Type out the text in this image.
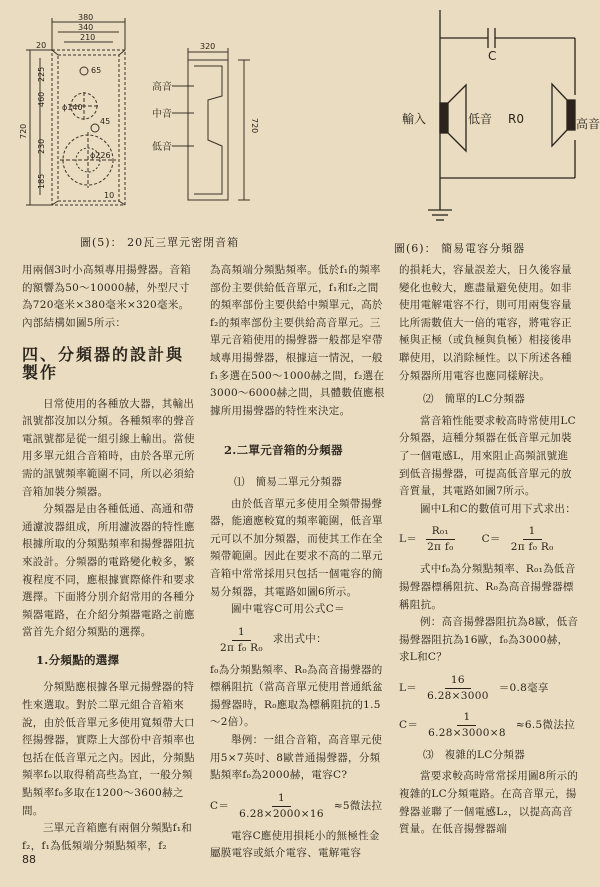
380
340
210
20	320
65
ϕ140
45
ϕ226
10
460
720
230
185
225
720
高音
中音
低音
圖(5)： 20瓦三單元密閉音箱
C
輸入	低音 R0	高音
圖(6)： 簡易電容分頻器

用兩個3吋小高頻專用揚聲器。音箱的額響為50～10000赫，外型尺寸為720毫米×380毫米×320毫米。內部結構如圖5所示：

四、分頻器的設計與製作

日常使用的各種放大器，其輸出訊號都沒加以分頻。各種頻率的聲音電訊號都是從一組引線上輸出。當使用多單元組合音箱時，由於各單元所需的訊號頻率範圍不同，所以必須給音箱加裝分頻器。

分頻器是由各種低通、高通和帶通濾波器組成，所用濾波器的特性應根據所取的分頻點頻率和揚聲器阻抗來設計。分頻器的電路變化較多，繁複程度不同，應根據實際條件和要求選擇。下面將分別介紹常用的各種分頻器電路，在介紹分頻器電路之前應當首先介紹分頻點的選擇。

1.分頻點的選擇

分頻點應根據各單元揚聲器的特性來選取。對於二單元組合音箱來說，由於低音單元多使用寬頻帶大口徑揚聲器，實際上大部份中音頻率也包括在低音單元之內。因此，分頻點頻率f₀以取得稍高些為宜，一般分頻點頻率f₀多取在1200～3600赫之間。

三單元音箱應有兩個分頻點f₁和f₂，f₁為低頻端分頻點頻率，f₂

為高頻端分頻點頻率。低於f₁的頻率部份主要供給低音單元，f₁和f₂之間的頻率部份主要供給中頻單元，高於f₂的頻率部份主要供給高音單元。三單元音箱使用的揚聲器一般都是窄帶域專用揚聲器，根據這一情況，一般f₁多選在500～1000赫之間，f₂選在3000～6000赫之間，具體數值應根據所用揚聲器的特性來決定。

2.二單元音箱的分頻器
⑴　簡易二單元分頻器

由於低音單元多使用全頻帶揚聲器，能適應較寬的頻率範圍，低音單元可以不加分頻器，而使其工作在全頻帶範圍。因此在要求不高的二單元音箱中常常採用只包括一個電容的簡易分頻器，其電路如圖6所示。

圖中電容C可用公式C＝

$\frac{1}{\text{2π f₀ R₀}}$ 求出式中：

f₀為分頻點頻率、R₀為高音揚聲器的標稱阻抗（當高音單元使用普通紙盆揚聲器時，R₀應取為標稱阻抗的1.5～2倍）。

舉例：一組合音箱，高音單元使用5×7英吋、8歐普通揚聲器，分頻點頻率f₀為2000赫，電容C?

$C= \frac{1}{6.28\times 2000\times 16} \approx 5$微法拉

電容C應使用損耗小的無極性金屬膜電容或紙介電容、電解電容

的損耗大，容量誤差大，日久後容量變化也較大，應盡量避免使用。如非使用電解電容不行，則可用兩隻容量比所需數值大一倍的電容，將電容正極與正極（或負極與負極）相接後串聯使用，以消除極性。以下所述各種分頻器所用電容也應同樣解決。

⑵　簡單的LC分頻器

當音箱性能要求較高時常使用LC分頻器，這種分頻器在低音單元加裝了一個電感L，用來阻止高頻訊號進到低音揚聲器，可提高低音單元的放音質量，其電路如圖7所示。

圖中L和C的數值可用下式求出：

$L= \frac{\text{R₀₁}}{\text{2π f₀}} C= \frac{1}{\text{2π f₀ R₀}}$

式中f₀為分頻點頻率、R₀₁為低音揚聲器標稱阻抗、R₀為高音揚聲器標稱阻抗。

例：高音揚聲器阻抗為8歐，低音揚聲器阻抗為16歐，f₀為3000赫，求L和C？

$L= \frac{16}{6.28\times 3000} =0.8$毫享
$C= \frac{1}{6.28\times 3000\times 8} \approx 6.5$微法拉
⑶　複雜的LC分頻器

當要求較高時常常採用圖8所示的複雜的LC分頻電路。在高音單元，揚聲器並聯了一個電感L₂，以提高高音質量。在低音揚聲器端

88
